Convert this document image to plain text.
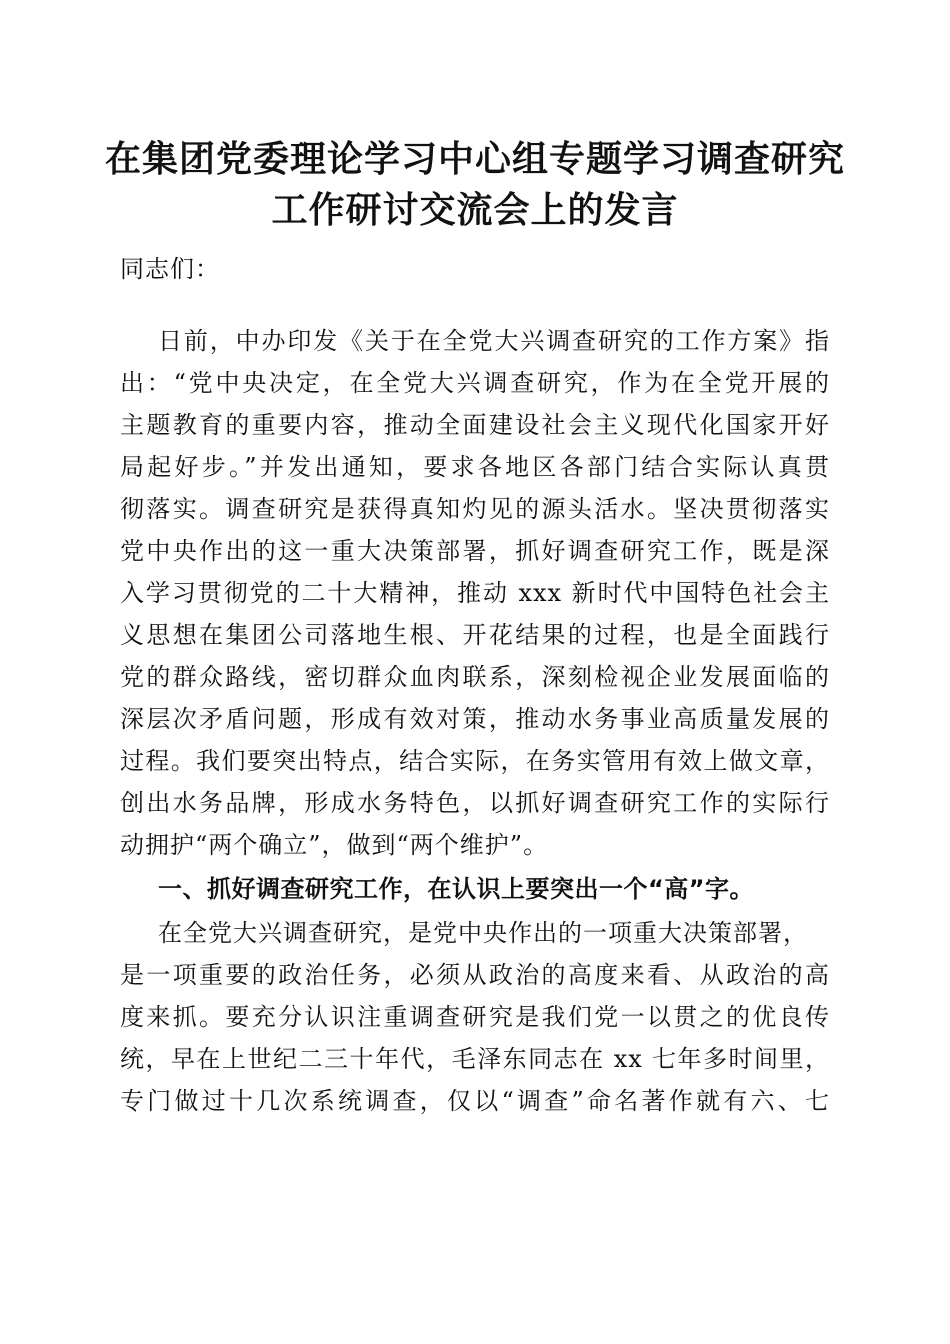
在集团党委理论学习中心组专题学习调查研究
工作研讨交流会上的发言
同志们：
日前，中办印发《关于在全党大兴调查研究的工作方案》指
出：“党中央决定，在全党大兴调查研究，作为在全党开展的
主题教育的重要内容，推动全面建设社会主义现代化国家开好
局起好步。”并发出通知，要求各地区各部门结合实际认真贯
彻落实。调查研究是获得真知灼见的源头活水。坚决贯彻落实
党中央作出的这一重大决策部署，抓好调查研究工作，既是深
入学习贯彻党的二十大精神，推动 xxx 新时代中国特色社会主
义思想在集团公司落地生根、开花结果的过程，也是全面践行
党的群众路线，密切群众血肉联系，深刻检视企业发展面临的
深层次矛盾问题，形成有效对策，推动水务事业高质量发展的
过程。我们要突出特点，结合实际，在务实管用有效上做文章，
创出水务品牌，形成水务特色，以抓好调查研究工作的实际行
动拥护“两个确立”，做到“两个维护”。
一、抓好调查研究工作，在认识上要突出一个“高”字。
在全党大兴调查研究，是党中央作出的一项重大决策部署，
是一项重要的政治任务，必须从政治的高度来看、从政治的高
度来抓。要充分认识注重调查研究是我们党一以贯之的优良传
统，早在上世纪二三十年代，毛泽东同志在 xx 七年多时间里，
专门做过十几次系统调查，仅以“调查”命名著作就有六、七
